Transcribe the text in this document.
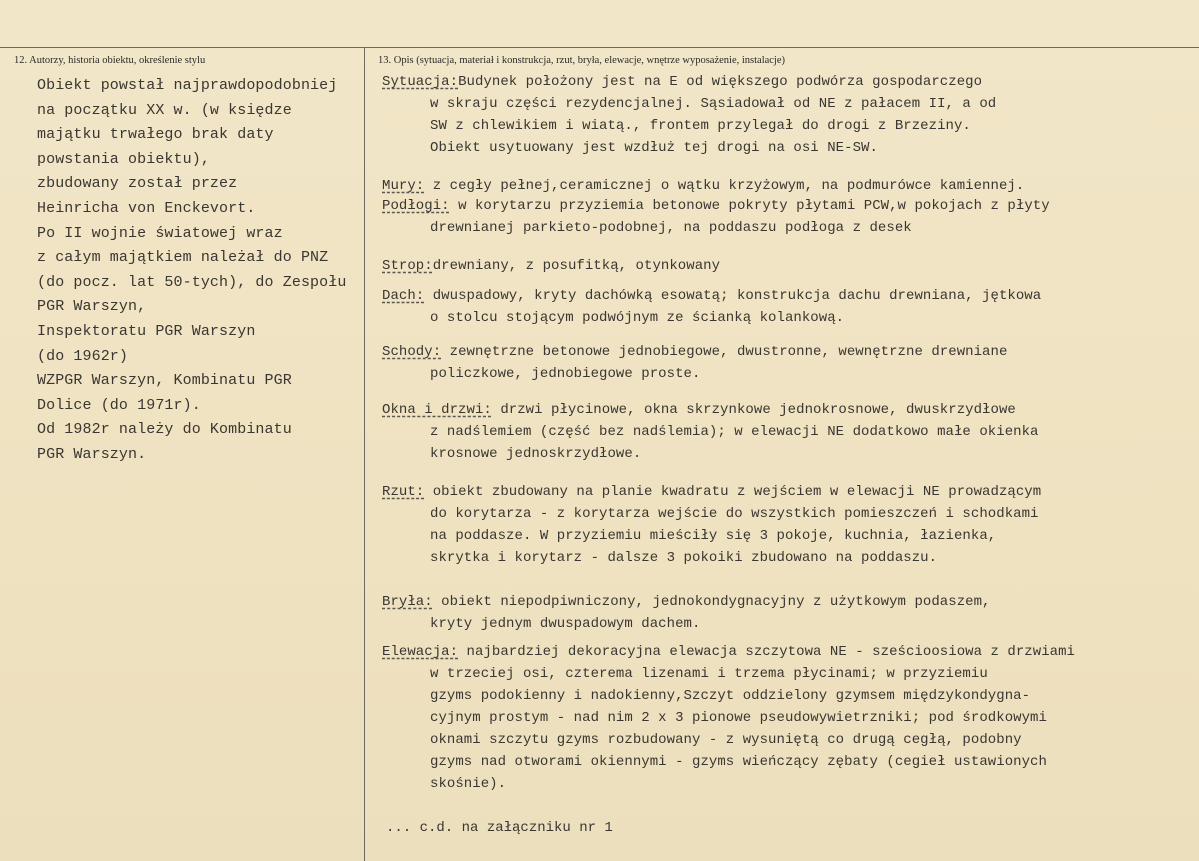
12. Autorzy, historia obiektu, określenie stylu	13. Opis (sytuacja, materiał i konstrukcja, rzut, bryła, elewacje, wnętrze wyposażenie, instalacje)
Obiekt powstał najprawdopodobniej
na początku XX w. (w księdze
majątku trwałego brak daty
powstania obiektu),
zbudowany został przez
Heinricha von Enckevort.
Po II wojnie światowej wraz
z całym majątkiem należał do PNZ
(do pocz. lat 50-tych), do Zespołu
PGR Warszyn,
Inspektoratu PGR Warszyn
(do 1962r)
WZPGR Warszyn, Kombinatu PGR
Dolice (do 1971r).
Od 1982r należy do Kombinatu
PGR Warszyn.
Sytuacja:Budynek położony jest na E od większego podwórza gospodarczego
w skraju części rezydencjalnej. Sąsiadował od NE z pałacem II, a od
SW z chlewikiem i wiatą., frontem przylegał do drogi z Brzeziny.
Obiekt usytuowany jest wzdłuż tej drogi na osi NE-SW.
Mury: z cegły pełnej,ceramicznej o wątku krzyżowym, na podmurówce kamiennej.
Podłogi: w korytarzu przyziemia betonowe pokryty płytami PCW,w pokojach z płyty
drewnianej parkieto-podobnej, na poddaszu podłoga z desek
Strop:drewniany, z posufitką, otynkowany
Dach: dwuspadowy, kryty dachówką esowatą; konstrukcja dachu drewniana, jętkowa
o stolcu stojącym podwójnym ze ścianką kolankową.
Schody: zewnętrzne betonowe jednobiegowe, dwustronne, wewnętrzne drewniane
policzkowe, jednobiegowe proste.
Okna i drzwi: drzwi płycinowe, okna skrzynkowe jednokrosnowe, dwuskrzydłowe
z nadślemiem (część bez nadślemia); w elewacji NE dodatkowo małe okienka
krosnowe jednoskrzydłowe.
Rzut: obiekt zbudowany na planie kwadratu z wejściem w elewacji NE prowadzącym
do korytarza - z korytarza wejście do wszystkich pomieszczeń i schodkami
na poddasze. W przyziemiu mieściły się 3 pokoje, kuchnia, łazienka,
skrytka i korytarz - dalsze 3 pokoiki zbudowano na poddaszu.
Bryła: obiekt niepodpiwniczony, jednokondygnacyjny z użytkowym podaszem,
kryty jednym dwuspadowym dachem.
Elewacja: najbardziej dekoracyjna elewacja szczytowa NE - sześcioosiowa z drzwiami
w trzeciej osi, czterema lizenami i trzema płycinami; w przyziemiu
gzyms podokienny i nadokienny,Szczyt oddzielony gzymsem międzykondygna-
cyjnym prostym - nad nim 2 x 3 pionowe pseudowywietrzniki; pod środkowymi
oknami szczytu gzyms rozbudowany - z wysuniętą co drugą cegłą, podobny
gzyms nad otworami okiennymi - gzyms wieńczący zębaty (cegieł ustawionych
skośnie).
... c.d. na załączniku nr 1
